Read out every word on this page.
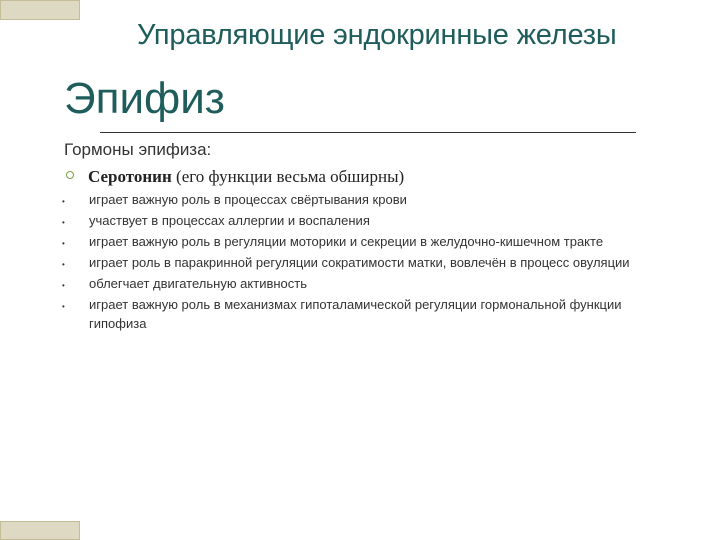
Управляющие эндокринные железы
Эпифиз
Гормоны эпифиза:
Серотонин (его функции весьма обширны)
• играет важную роль в процессах свёртывания крови
• участвует в процессах аллергии и воспаления
• играет важную роль в регуляции моторики и секреции в желудочно-кишечном тракте
• играет роль в паракринной регуляции сократимости матки, вовлечён в процесс овуляции
• облегчает двигательную активность
• играет важную роль в механизмах гипоталамической регуляции гормональной функции гипофиза
